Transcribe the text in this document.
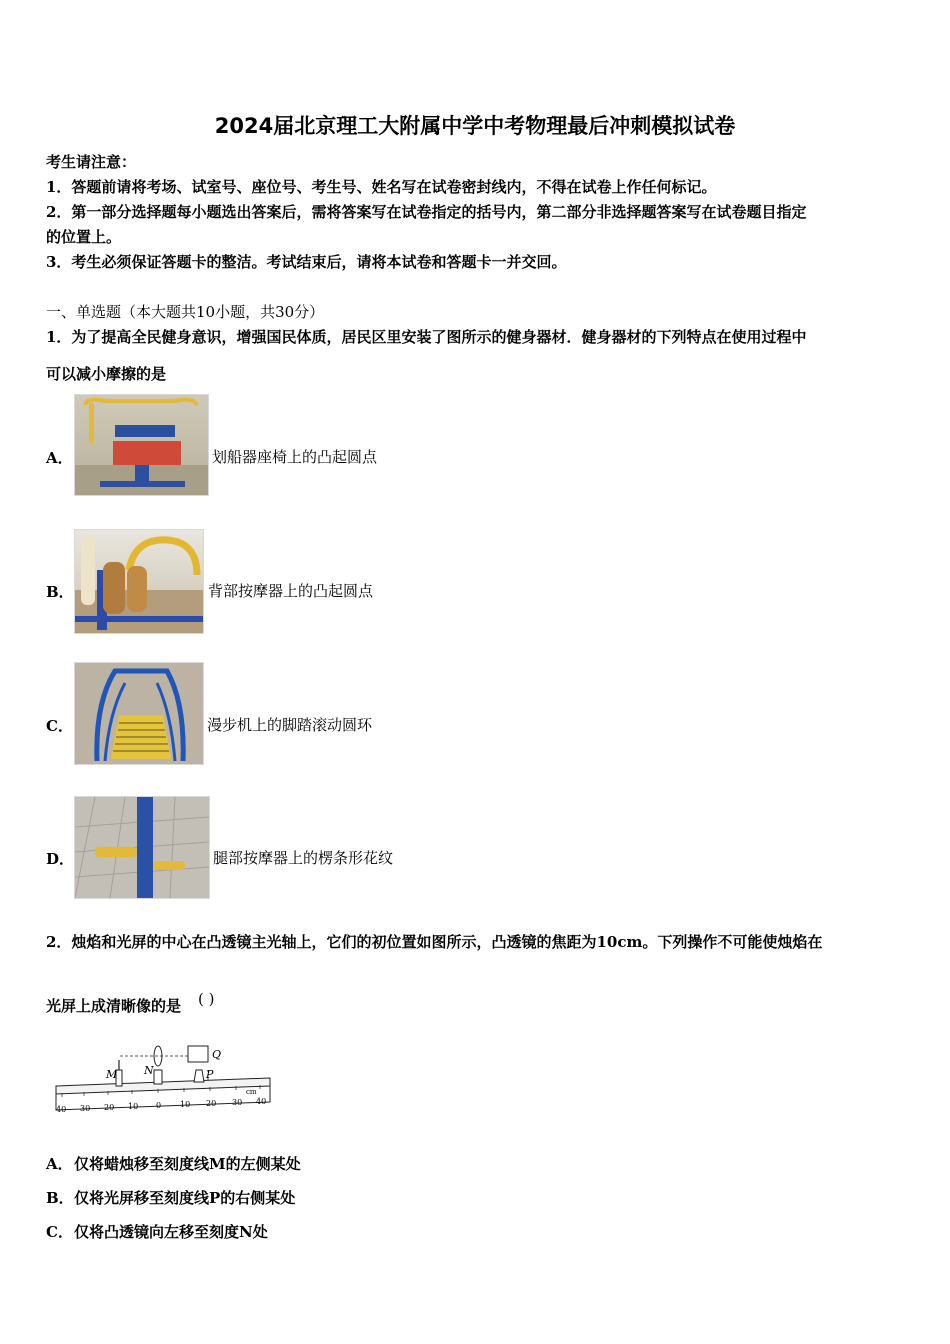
2024届北京理工大附属中学中考物理最后冲刺模拟试卷
考生请注意：
1．答题前请将考场、试室号、座位号、考生号、姓名写在试卷密封线内，不得在试卷上作任何标记。
2．第一部分选择题每小题选出答案后，需将答案写在试卷指定的括号内，第二部分非选择题答案写在试卷题目指定
的位置上。
3．考生必须保证答题卡的整洁。考试结束后，请将本试卷和答题卡一并交回。
一、单选题（本大题共10小题，共30分）
1．为了提高全民健身意识，增强国民体质，居民区里安装了图所示的健身器材．健身器材的下列特点在使用过程中
可以减小摩擦的是
A．	划船器座椅上的凸起圆点
B．	背部按摩器上的凸起圆点
C．	漫步机上的脚踏滚动圆环
D．	腿部按摩器上的楞条形花纹
2．烛焰和光屏的中心在凸透镜主光轴上，它们的初位置如图所示，凸透镜的焦距为10cm。下列操作不可能使烛焰在
光屏上成清晰像的是 ( )
M N	P
Q
40 30 20 10 0 10 20 30 40
cm
A． 仅将蜡烛移至刻度线M的左侧某处
B． 仅将光屏移至刻度线P的右侧某处
C． 仅将凸透镜向左移至刻度N处
